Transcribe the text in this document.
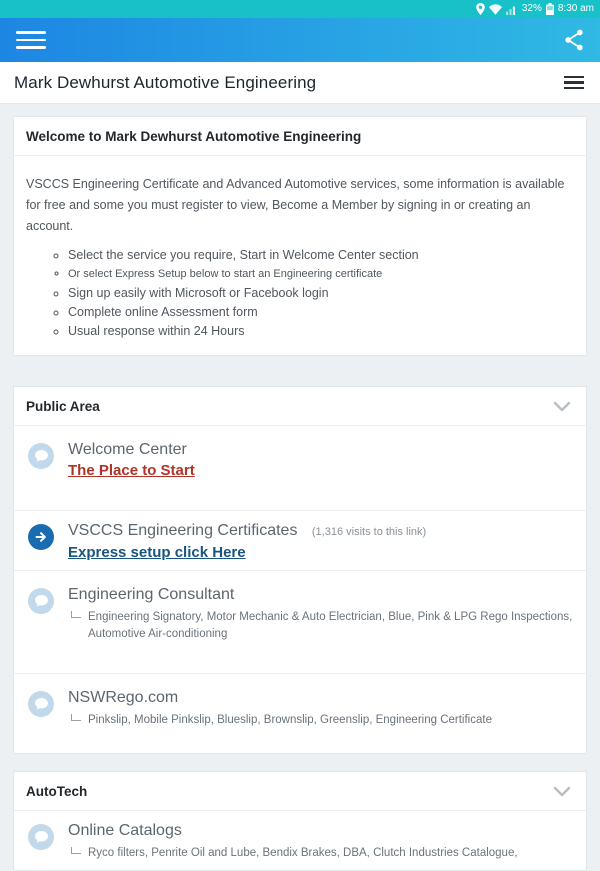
32% 8:30 am
Mark Dewhurst Automotive Engineering
Welcome to Mark Dewhurst Automotive Engineering

VSCCS Engineering Certificate and Advanced Automotive services, some information is available for free and some you must register to view, Become a Member by signing in or creating an account.

◦ Select the service you require, Start in Welcome Center section
◦ Or select Express Setup below to start an Engineering certificate
◦ Sign up easily with Microsoft or Facebook login
◦ Complete online Assessment form
◦ Usual response within 24 Hours
Public Area
Welcome Center
The Place to Start
VSCCS Engineering Certificates (1,316 visits to this link)
Express setup click Here
Engineering Consultant
Engineering Signatory, Motor Mechanic & Auto Electrician, Blue, Pink & LPG Rego Inspections, Automotive Air-conditioning
NSWRego.com
Pinkslip, Mobile Pinkslip, Blueslip, Brownslip, Greenslip, Engineering Certificate
AutoTech
Online Catalogs
Ryco filters, Penrite Oil and Lube, Bendix Brakes, DBA, Clutch Industries Catalogue,
